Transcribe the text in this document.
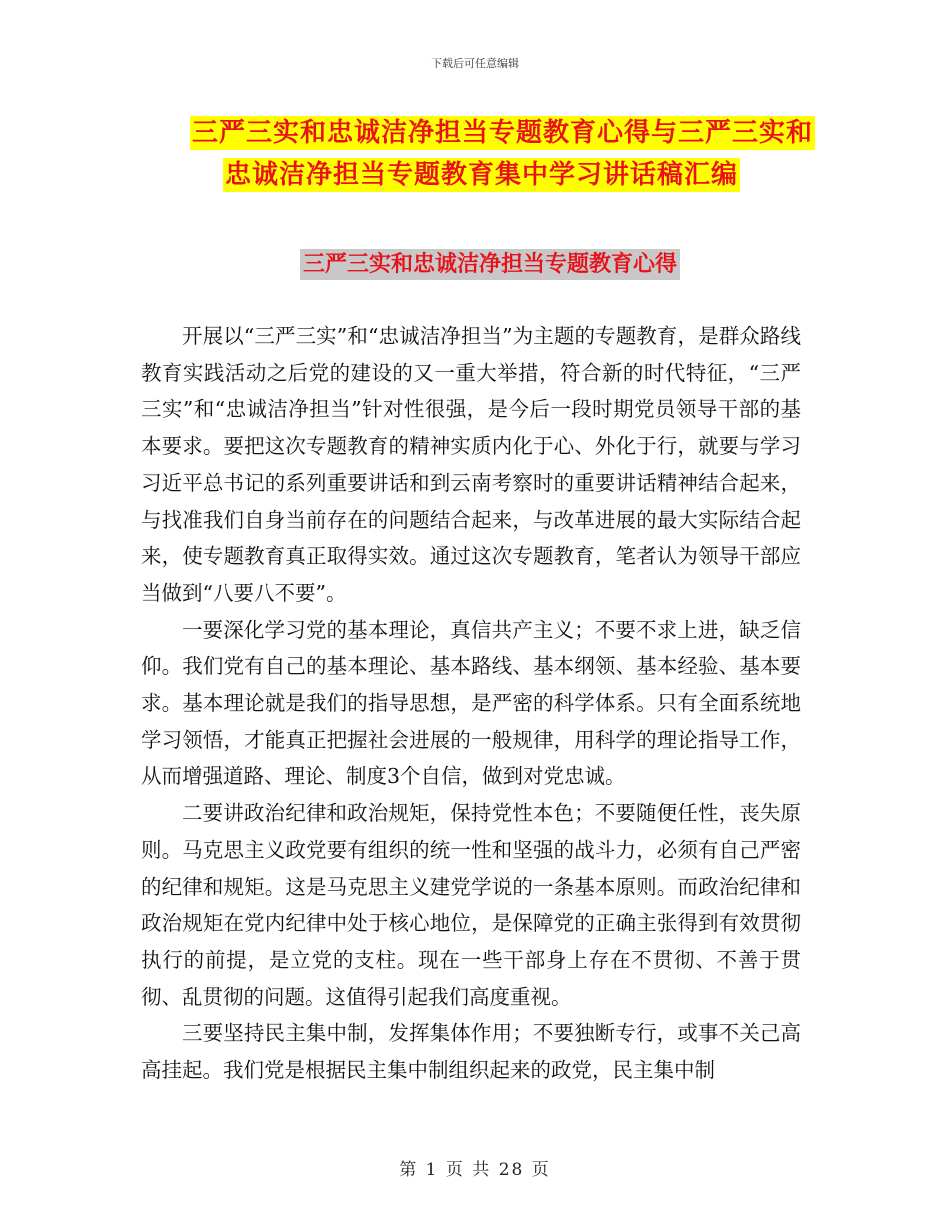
下载后可任意编辑
三严三实和忠诚洁净担当专题教育心得与三严三实和
忠诚洁净担当专题教育集中学习讲话稿汇编
三严三实和忠诚洁净担当专题教育心得

开展以“三严三实”和“忠诚洁净担当”为主题的专题教育，是群众路线教育实践活动之后党的建设的又一重大举措，符合新的时代特征，“三严三实”和“忠诚洁净担当”针对性很强，是今后一段时期党员领导干部的基本要求。要把这次专题教育的精神实质内化于心、外化于行，就要与学习习近平总书记的系列重要讲话和到云南考察时的重要讲话精神结合起来，与找准我们自身当前存在的问题结合起来，与改革进展的最大实际结合起来，使专题教育真正取得实效。通过这次专题教育，笔者认为领导干部应当做到“八要八不要”。

一要深化学习党的基本理论，真信共产主义；不要不求上进，缺乏信仰。我们党有自己的基本理论、基本路线、基本纲领、基本经验、基本要求。基本理论就是我们的指导思想，是严密的科学体系。只有全面系统地学习领悟，才能真正把握社会进展的一般规律，用科学的理论指导工作，从而增强道路、理论、制度3个自信，做到对党忠诚。

二要讲政治纪律和政治规矩，保持党性本色；不要随便任性，丧失原则。马克思主义政党要有组织的统一性和坚强的战斗力，必须有自己严密的纪律和规矩。这是马克思主义建党学说的一条基本原则。而政治纪律和政治规矩在党内纪律中处于核心地位，是保障党的正确主张得到有效贯彻执行的前提，是立党的支柱。现在一些干部身上存在不贯彻、不善于贯彻、乱贯彻的问题。这值得引起我们高度重视。

三要坚持民主集中制，发挥集体作用；不要独断专行，或事不关己高高挂起。我们党是根据民主集中制组织起来的政党，民主集中制

第 1 页 共 28 页
